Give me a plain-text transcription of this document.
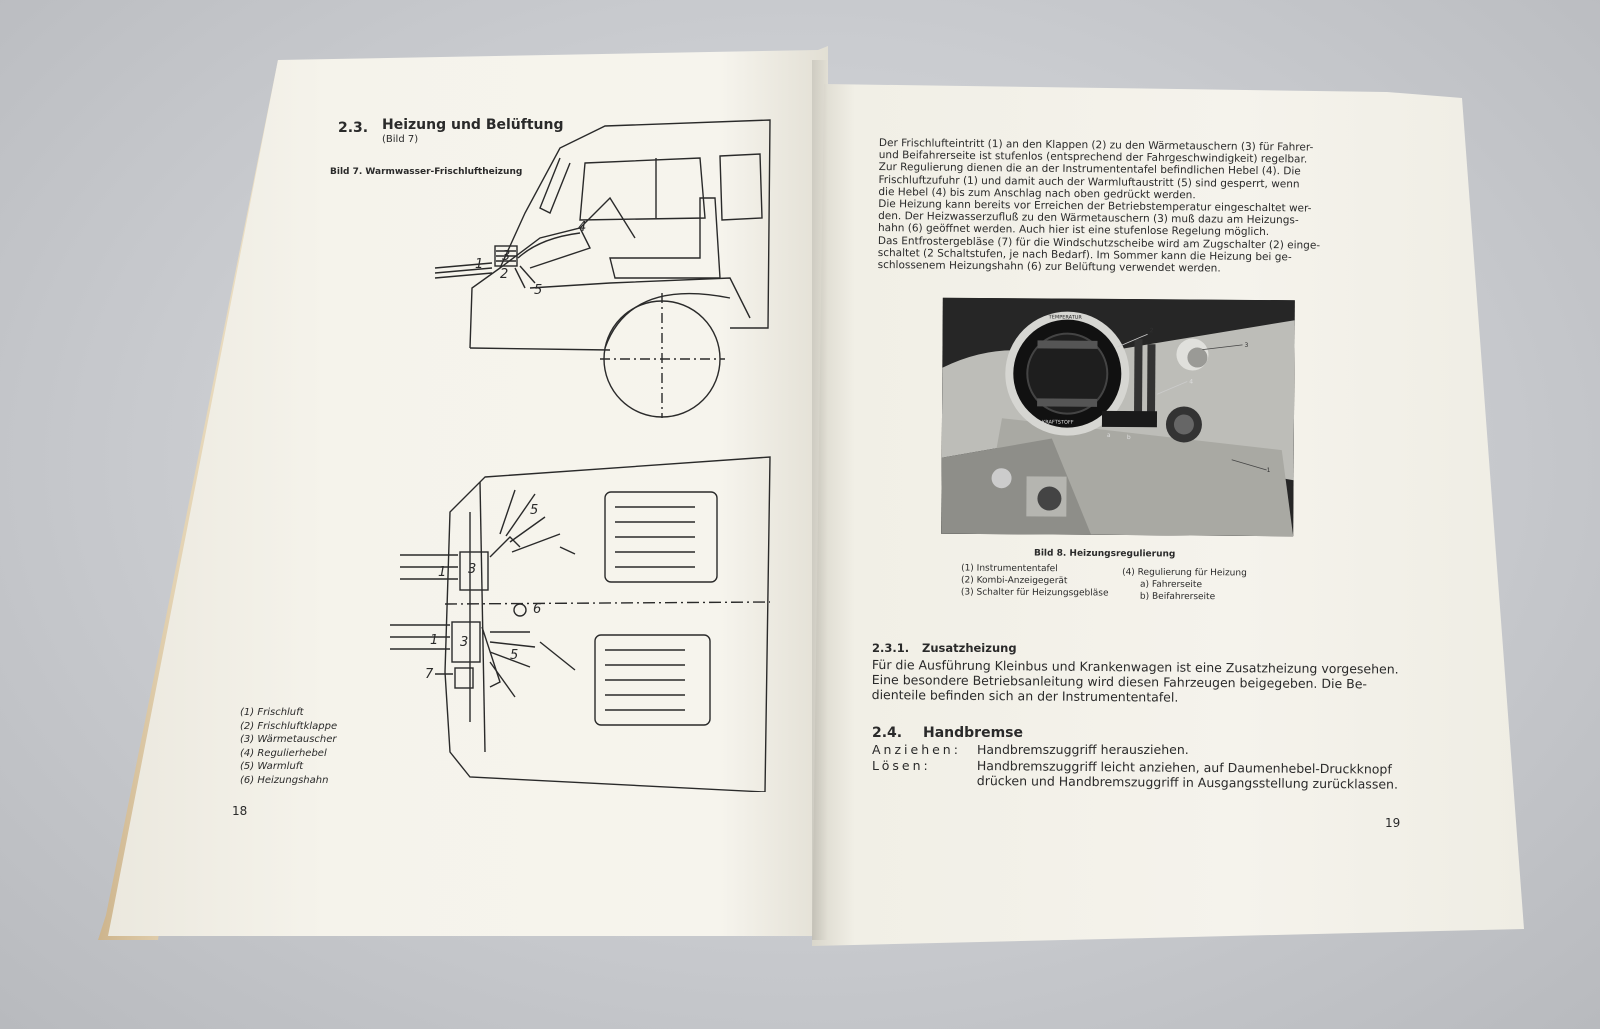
2.3. Heizung und Belüftung
(Bild 7)
Bild 7. Warmwasser-Frischluftheizung
1
2
3
4
5
1 3
5
6
1 3
5
7
(1) Frischluft
(2) Frischluftklappe
(3) Wärmetauscher
(4) Regulierhebel
(5) Warmluft
(6) Heizungshahn
18
Der Frischlufteintritt (1) an den Klappen (2) zu den Wärmetauschern (3) für Fahrer-
und Beifahrerseite ist stufenlos (entsprechend der Fahrgeschwindigkeit) regelbar.
Zur Regulierung dienen die an der Instrumententafel befindlichen Hebel (4). Die
Frischluftzufuhr (1) und damit auch der Warmluftaustritt (5) sind gesperrt, wenn
die Hebel (4) bis zum Anschlag nach oben gedrückt werden.
Die Heizung kann bereits vor Erreichen der Betriebstemperatur eingeschaltet wer-
den. Der Heizwasserzufluß zu den Wärmetauschern (3) muß dazu am Heizungs-
hahn (6) geöffnet werden. Auch hier ist eine stufenlose Regelung möglich.
Das Entfrostergebläse (7) für die Windschutzscheibe wird am Zugschalter (2) einge-
schaltet (2 Schaltstufen, je nach Bedarf). Im Sommer kann die Heizung bei ge-
schlossenem Heizungshahn (6) zur Belüftung verwendet werden.
TEMPERATUR
KRAFTSTOFF
1
2
3
4
a	b
Bild 8. Heizungsregulierung
(1) Instrumententafel
(2) Kombi-Anzeigegerät
(3) Schalter für Heizungsgebläse
(4) Regulierung für Heizung
a) Fahrerseite
b) Beifahrerseite
2.3.1. Zusatzheizung
Für die Ausführung Kleinbus und Krankenwagen ist eine Zusatzheizung vorgesehen.
Eine besondere Betriebsanleitung wird diesen Fahrzeugen beigegeben. Die Be-
dienteile befinden sich an der Instrumententafel.
2.4. Handbremse
Anziehen: Handbremszuggriff herausziehen.
Lösen:	Handbremszuggriff leicht anziehen, auf Daumenhebel-Druckknopf
drücken und Handbremszuggriff in Ausgangsstellung zurücklassen.
19
